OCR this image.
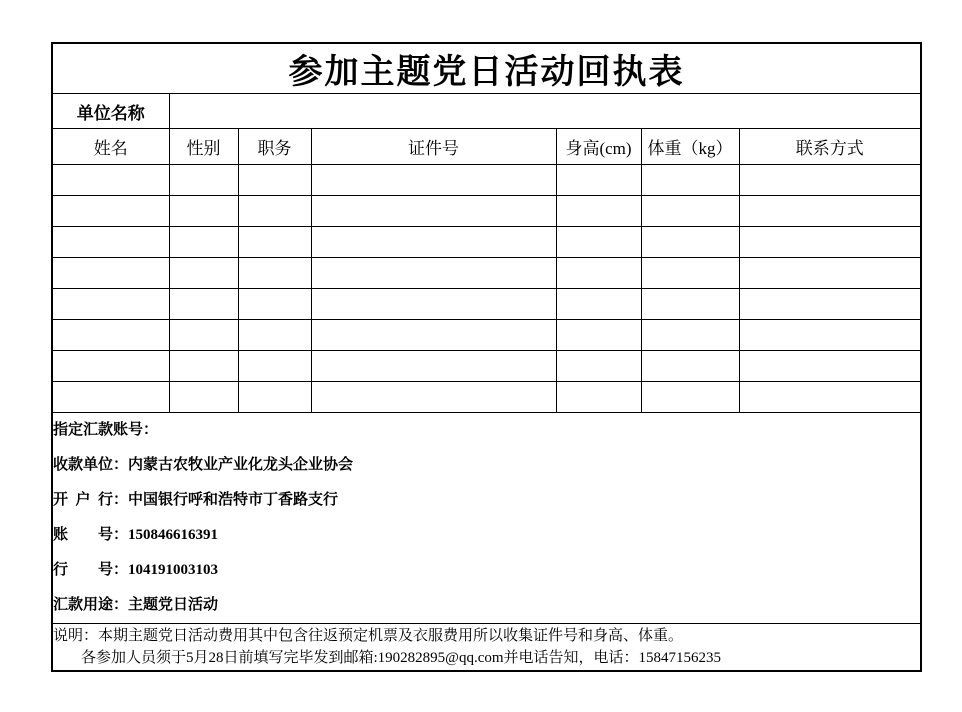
参加主题党日活动回执表						
单位名称						
姓名	性别	职务	证件号	身高(cm)	体重（kg）	联系方式

指定汇款账号：
收款单位：内蒙古农牧业产业化龙头企业协会
开  户  行：中国银行呼和浩特市丁香路支行
账        号：150846616391
行        号：104191003103
汇款用途：主题党日活动

说明：本期主题党日活动费用其中包含往返预定机票及衣服费用所以收集证件号和身高、体重。
各参加人员须于5月28日前填写完毕发到邮箱:190282895@qq.com并电话告知，电话：15847156235						
